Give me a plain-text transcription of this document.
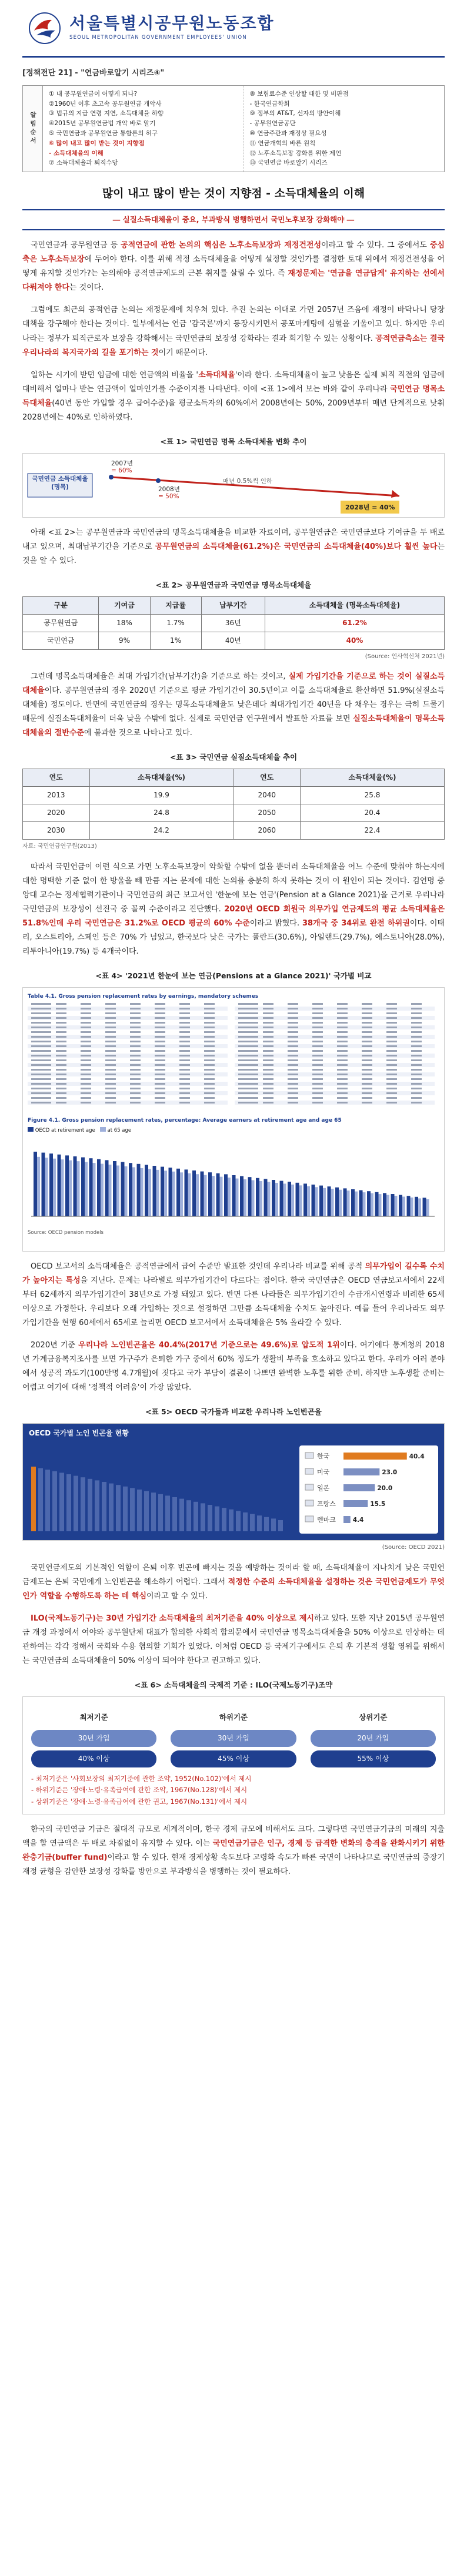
서울특별시공무원노동조합
SEOUL METROPOLITAN GOVERNMENT EMPLOYEES' UNION
[정책전단 21] - "연금바로알기 시리즈④"
알림순서
① 내 공무원연금이 어떻게 되나?
②1960년 이후 초고속 공무원연금 개악사
③ 법규의 지급 연령 지연, 소득대체율 하향
④2015년 공무원연금법 개악 바로 알기
⑤ 국민연금과 공무원연금 통합론의 허구
⑥ 많이 내고 많이 받는 것이 지향점
- 소득대체율의 이해
⑦ 소득대체율과 퇴직수당
⑧ 보험료수준 인상할 대한 및 비판점
- 한국연금학회
⑨ 정부의 AT&T, 신자의 방안이해
- 공무원연금공단
⑩ 연금주관과 재정상 필요성
⑪ 연금개혁의 바른 원칙
⑫ 노후소득보장 강화를 위한 제언
⑬ 국민연금 바로알기 시리즈
많이 내고 많이 받는 것이 지향점 - 소득대체율의 이해
― 실질소득대체율이 중요, 부과방식 병행하면서 국민노후보장 강화해야 ―

국민연금과 공무원연금 등 공적연금에 관한 논의의 핵심은 노후소득보장과 재정건전성이라고 할 수 있다. 그 중에서도 중심 축은 노후소득보장에 두어야 한다. 이를 위해 적정 소득대체율을 어떻게 설정할 것인가를 결정한 토대 위에서 재정건전성을 어떻게 유지할 것인가?는 논의해야 공적연금제도의 근본 취지를 살릴 수 있다. 즉 재정문제는 '연금을 연금답게' 유지하는 선에서 다뤄져야 한다는 것이다.

그럼에도 최근의 공적연금 논의는 재정문제에 치우쳐 있다. 추진 논의는 이대로 가면 2057년 즈음에 재정이 바닥나니 당장 대책을 강구해야 한다는 것이다. 일부에서는 연금 '감국론'까지 등장시키면서 공포마케팅에 심혈을 기울이고 있다. 하지만 우리나라는 정부가 퇴직근로자 보장을 강화해서는 국민연금의 보장성 강화라는 결과 회기할 수 있는 상황이다. 공적연금측소는 결국 우리나라의 복지국가의 길을 포기하는 것이기 때문이다.

일하는 시기에 받던 임금에 대한 연금액의 비율을 '소득대체율'이라 한다. 소득대체율이 높고 낮음은 실제 퇴직 직전의 임금에 대비해서 얼마나 받는 연금액이 얼마인가를 수준이지를 나타낸다. 이에 <표 1>에서 보는 바와 같이 우리나라 국민연금 명목소득대체율(40년 동안 가입할 경우 급여수준)을 평균소득자의 60%에서 2008년에는 50%, 2009년부터 매년 단계적으로 낮춰 2028년에는 40%로 인하하였다.

<표 1> 국민연금 명목 소득대체율 변화 추이
국민연금 소득대체율 (명목)
2007년
= 60%
2008년
= 50%
매년 0.5%씩 인하
2028년 = 40%

아래 <표 2>는 공무원연금과 국민연금의 명목소득대체율을 비교한 자료이며, 공무원연금은 국민연금보다 기여금을 두 배로 내고 있으며, 최대납부기간을 기준으로 공무원연금의 소득대체율(61.2%)은 국민연금의 소득대체율(40%)보다 훨씬 높다는 것을 알 수 있다.

<표 2> 공무원연금과 국민연금 명목소득대체율
구분	기여금	지급률	납부기간	소득대체율 (명목소득대체율)
공무원연금	18%	1.7%	36년	61.2%
국민연금	9%	1%	40년	40%
(Source: 인사혁신처 2021년)

그런데 명목소득대체율은 최대 가입기간(납부기간)을 기준으로 하는 것이고, 실제 가입기간을 기준으로 하는 것이 실질소득대체율이다. 공무원연금의 경우 2020년 기준으로 평균 가입기간이 30.5년이고 이를 소득대체율로 환산하면 51.9%(실질소득대체율) 정도이다. 반면에 국민연금의 경우는 명목소득대체율도 낮은데다 최대가입기간 40년을 다 채우는 경우는 극히 드물기 때문에 실질소득대체율이 더욱 낮을 수밖에 없다. 실제로 국민연금 연구원에서 발표한 자료를 보면 실질소득대체율이 명목소득대체율의 절반수준에 불과한 것으로 나타나고 있다.

<표 3> 국민연금 실질소득대체율 추이
연도	소득대체율(%)	연도	소득대체율(%)
2013	19.9	2040	25.8
2020	24.8	2050	20.4
2030	24.2	2060	22.4
자료: 국민연금연구원(2013)

따라서 국민연금이 이런 식으로 가면 노후소득보장이 약화할 수밖에 없을 뿐더러 소득대체율을 어느 수준에 맞춰야 하는지에 대한 명백한 기준 없이 한 방울을 빼 만큼 지는 문제에 대한 논의를 충분히 하지 못하는 것이 이 원인이 되는 것이다. 김연명 중앙대 교수는 정세협력기관이나 국민연금의 최근 보고서인 '한눈에 보는 연금'(Pension at a Glance 2021)을 근거로 우리나라 국민연금의 보장성이 선진국 중 꼴찌 수준이라고 진단했다. 2020년 OECD 회원국 의무가입 연금제도의 평균 소득대체율은 51.8%인데 우리 국민연금은 31.2%로 OECD 평균의 60% 수준이라고 밝혔다. 38개국 중 34위로 완전 하위권이다. 이태리, 오스트리아, 스페인 등은 70% 가 넘었고, 한국보다 낮은 국가는 폴란드(30.6%), 아일랜드(29.7%), 에스토니아(28.0%), 리투아니아(19.7%) 등 4개국이다.

<표 4> '2021년 한눈에 보는 연금(Pensions at a Glance 2021)' 국가별 비교
Table 4.1. Gross pension replacement rates by earnings, mandatory schemes
Figure 4.1. Gross pension replacement rates, percentage: Average earners at retirement age and age 65
OECD at retirement age at 65 age
Source: OECD pension models

OECD 보고서의 소득대체율은 공적연금에서 급여 수준만 발표한 것인데 우리나라 비교를 위해 공적 의무가입이 길수록 수치가 높아지는 특성을 지닌다. 문제는 나라별로 의무가입기간이 다르다는 점이다. 한국 국민연금은 OECD 연금보고서에서 22세부터 62세까지 의무가입기간이 38년으로 가정 돼있고 있다. 반면 다른 나라들은 의무가입기간이 수급개시연령과 비례한 65세 이상으로 가정한다. 우리보다 오래 가입하는 것으로 설정하면 그만큼 소득대체율 수치도 높아진다. 예를 들어 우리나라도 의무가입기간을 현행 60세에서 65세로 늘리면 OECD 보고서에서 소득대체율은 5% 올라갈 수 있다.

2020년 기준 우리나라 노인빈곤율은 40.4%(2017년 기준으로는 49.6%)로 압도적 1위이다. 여기에다 통계청의 2018년 가계금융복지조사를 보면 가구주가 은퇴한 가구 중에서 60% 정도가 생활비 부족을 호소하고 있다고 한다. 우리가 여러 분야에서 성공적 과도기(100만명 4.7개월)에 짓다고 국가 부담이 결론이 나쁘면 완벽한 노후를 위한 준비. 하지만 노후생활 준비는 어렵고 여기에 대해 '정책적 어려움'이 가장 많았다.

<표 5> OECD 국가들과 비교한 우리나라 노인빈곤율
OECD 국가별 노인 빈곤율 현황
한국	40.4
미국	23.0
일본	20.0
프랑스	15.5
덴마크	4.4
(Source: OECD 2021)

국민연금제도의 기본적인 역할이 은퇴 이후 빈곤에 빠지는 것을 예방하는 것이라 할 때, 소득대체율이 지나치게 낮은 국민연금제도는 은퇴 국민에게 노인빈곤을 해소하기 어렵다. 그래서 적정한 수준의 소득대체율을 설정하는 것은 국민연금제도가 무엇인가 역할을 수행하도록 하는 데 핵심이라고 할 수 있다.

ILO(국제노동기구)는 30년 가입기간 소득대체율의 최저기준을 40% 이상으로 제시하고 있다. 또한 지난 2015년 공무원연금 개정 과정에서 여야와 공무원단체 대표가 합의한 사회적 합의문에서 국민연금 명목소득대체율을 50% 이상으로 인상하는 데 관하여는 각각 정해서 국회와 수용 협의할 기회가 있었다. 이처럼 OECD 등 국제기구에서도 은퇴 후 기본적 생활 영위를 위해서는 국민연금의 소득대체율이 50% 이상이 되어야 한다고 권고하고 있다.

<표 6> 소득대체율의 국제적 기준 : ILO(국제노동기구)조약
최저기준
30년 가입
40% 이상
하위기준
30년 가입
45% 이상
상위기준
20년 가입
55% 이상
- 최저기준은 '사회보장의 최저기준에 관한 조약, 1952(No.102)'에서 제시
- 하위기준은 '장애·노령·유족급여에 관한 조약, 1967(No.128)'에서 제시
- 상위기준은 '장애·노령·유족급여에 관한 권고, 1967(No.131)'에서 제시

한국의 국민연금 기금은 절대적 규모로 세계적이며, 한국 경제 규모에 비해서도 크다. 그렇다면 국민연금기금의 미래의 지출액을 할 연금액은 두 배로 차질없이 유지할 수 있다. 이는 국민연금기금은 인구, 경제 등 급격한 변화의 충격을 완화시키기 위한 완충기금(buffer fund)이라고 할 수 있다. 현재 경제상황 속도보다 고령화 속도가 빠른 국면이 나타나므로 국민연금의 중장기 재정 균형을 감안한 보장성 강화를 방안으로 부과방식을 병행하는 것이 필요하다.
